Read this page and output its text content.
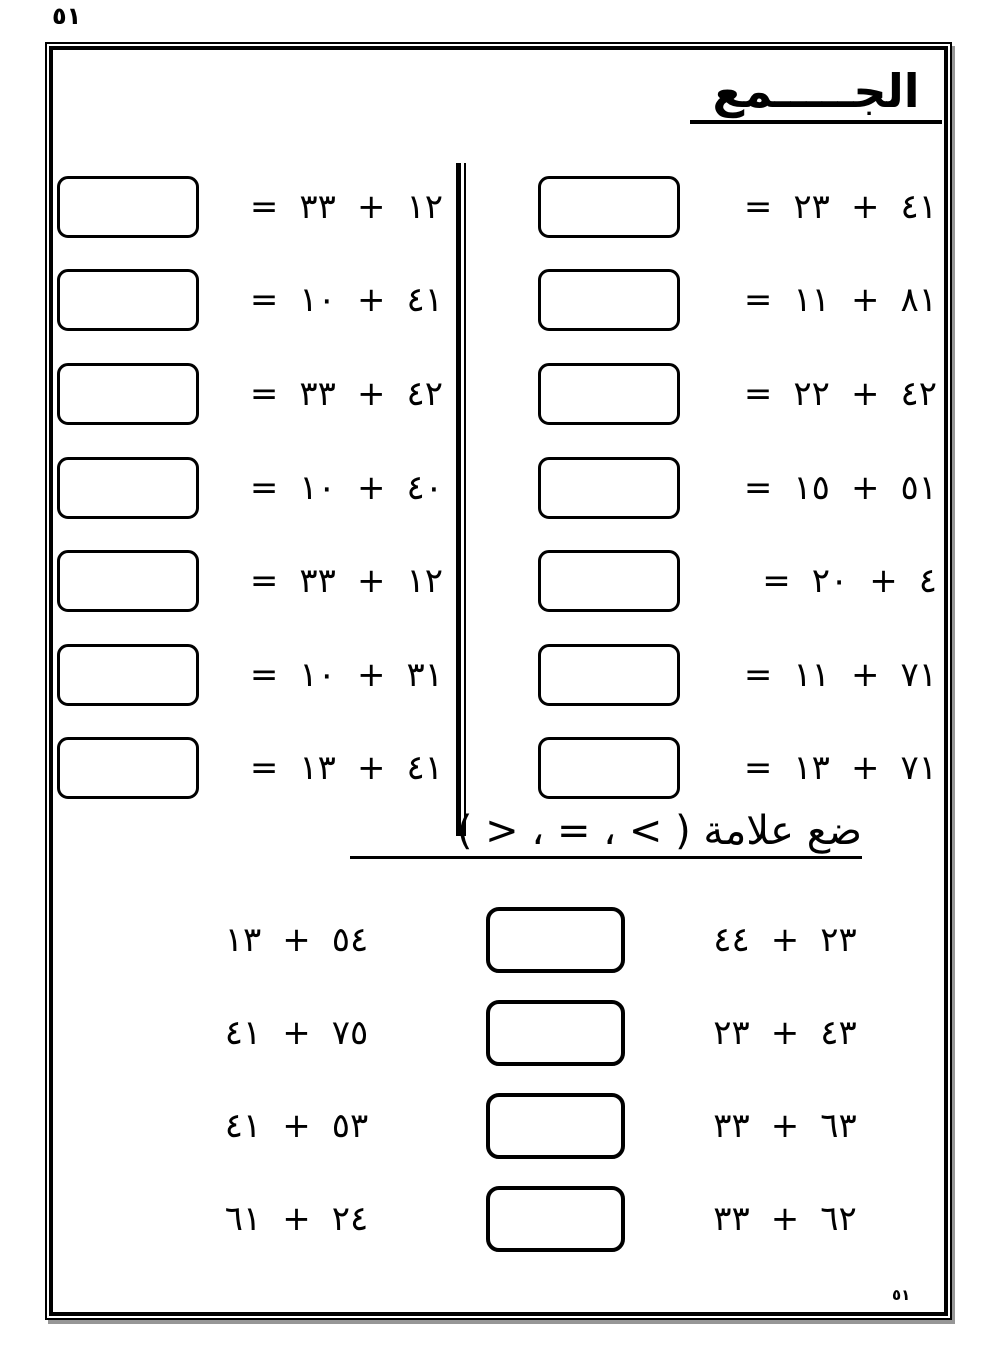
٥١
الجـــــمع
٤١ + ٢٣ =
٨١ + ١١ =
٤٢ + ٢٢ =
٥١ + ١٥ =
٤ + ٢٠ =
٧١ + ١١ =
٧١ + ١٣ =
١٢ + ٣٣ =
٤١ + ١٠ =
٤٢ + ٣٣ =
٤٠ + ١٠ =
١٢ + ٣٣ =
٣١ + ١٠ =
٤١ + ١٣ =
ضع علامة ( > ، = ، < )
٢٣ + ٤٤
٥٤ + ١٣
٤٣ + ٢٣
٧٥ + ٤١
٦٣ + ٣٣
٥٣ + ٤١
٦٢ + ٣٣
٢٤ + ٦١
٥١
